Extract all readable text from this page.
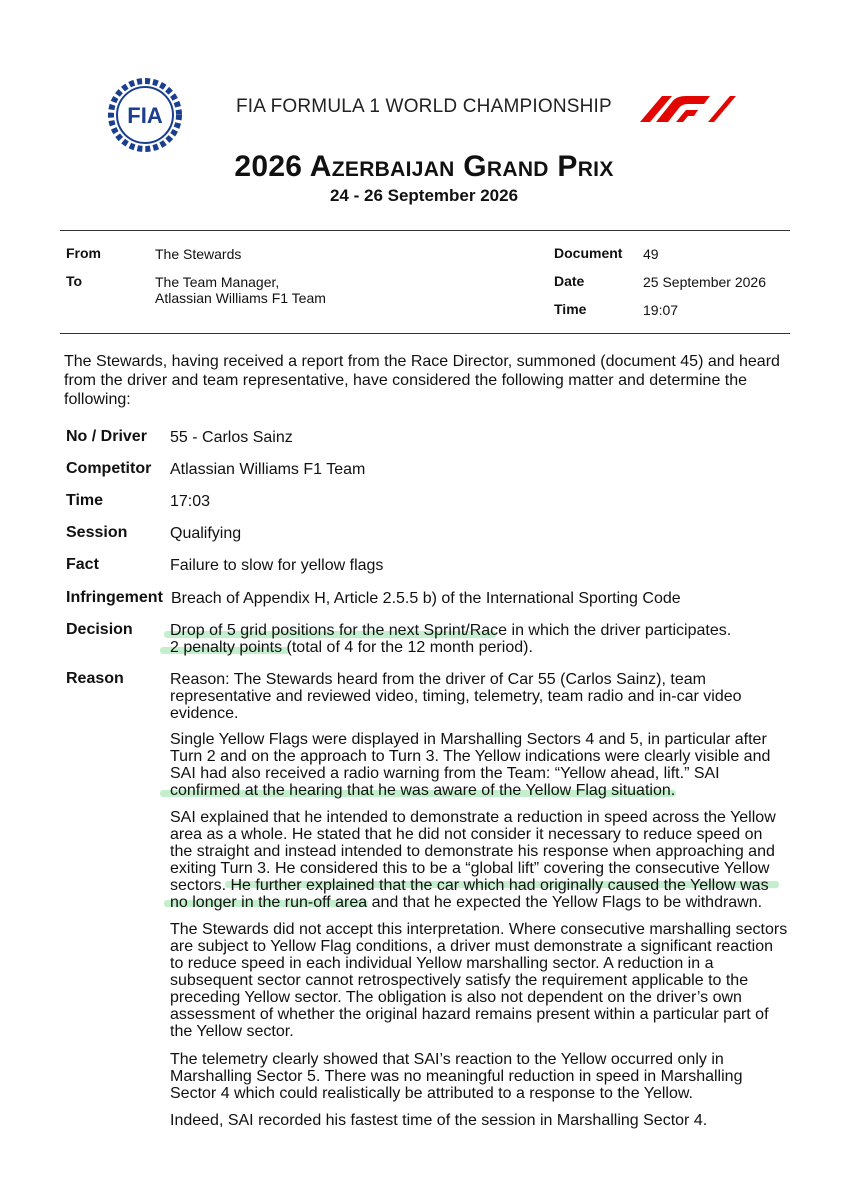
FIA	FIA FORMULA 1 WORLD CHAMPIONSHIP
2026 Azerbaijan Grand Prix
24 - 26 September 2026
From	The Stewards
To	The Team Manager,
Atlassian Williams F1 Team
Document 49
Date	25 September 2026
Time	19:07
The Stewards, having received a report from the Race Director, summoned (document 45) and heard from the driver and team representative, have considered the following matter and determine the following:
No / Driver 55 - Carlos Sainz
Competitor Atlassian Williams F1 Team
Time	17:03
Session	Qualifying
Fact	Failure to slow for yellow flags
Infringement Breach of Appendix H, Article 2.5.5 b) of the International Sporting Code
Decision Drop of 5 grid positions for the next Sprint/Race in which the driver participates.
2 penalty points (total of 4 for the 12 month period).
Reason	Reason: The Stewards heard from the driver of Car 55 (Carlos Sainz), team representative and reviewed video, timing, telemetry, team radio and in-car video evidence.
Single Yellow Flags were displayed in Marshalling Sectors 4 and 5, in particular after Turn 2 and on the approach to Turn 3. The Yellow indications were clearly visible and SAI had also received a radio warning from the Team: “Yellow ahead, lift.” SAI confirmed at the hearing that he was aware of the Yellow Flag situation.
SAI explained that he intended to demonstrate a reduction in speed across the Yellow area as a whole. He stated that he did not consider it necessary to reduce speed on the straight and instead intended to demonstrate his response when approaching and exiting Turn 3. He considered this to be a “global lift” covering the consecutive Yellow sectors. He further explained that the car which had originally caused the Yellow was no longer in the run-off area and that he expected the Yellow Flags to be withdrawn.
The Stewards did not accept this interpretation. Where consecutive marshalling sectors are subject to Yellow Flag conditions, a driver must demonstrate a significant reaction to reduce speed in each individual Yellow marshalling sector. A reduction in a subsequent sector cannot retrospectively satisfy the requirement applicable to the preceding Yellow sector. The obligation is also not dependent on the driver’s own assessment of whether the original hazard remains present within a particular part of the Yellow sector.
The telemetry clearly showed that SAI’s reaction to the Yellow occurred only in Marshalling Sector 5. There was no meaningful reduction in speed in Marshalling Sector 4 which could realistically be attributed to a response to the Yellow.
Indeed, SAI recorded his fastest time of the session in Marshalling Sector 4.
